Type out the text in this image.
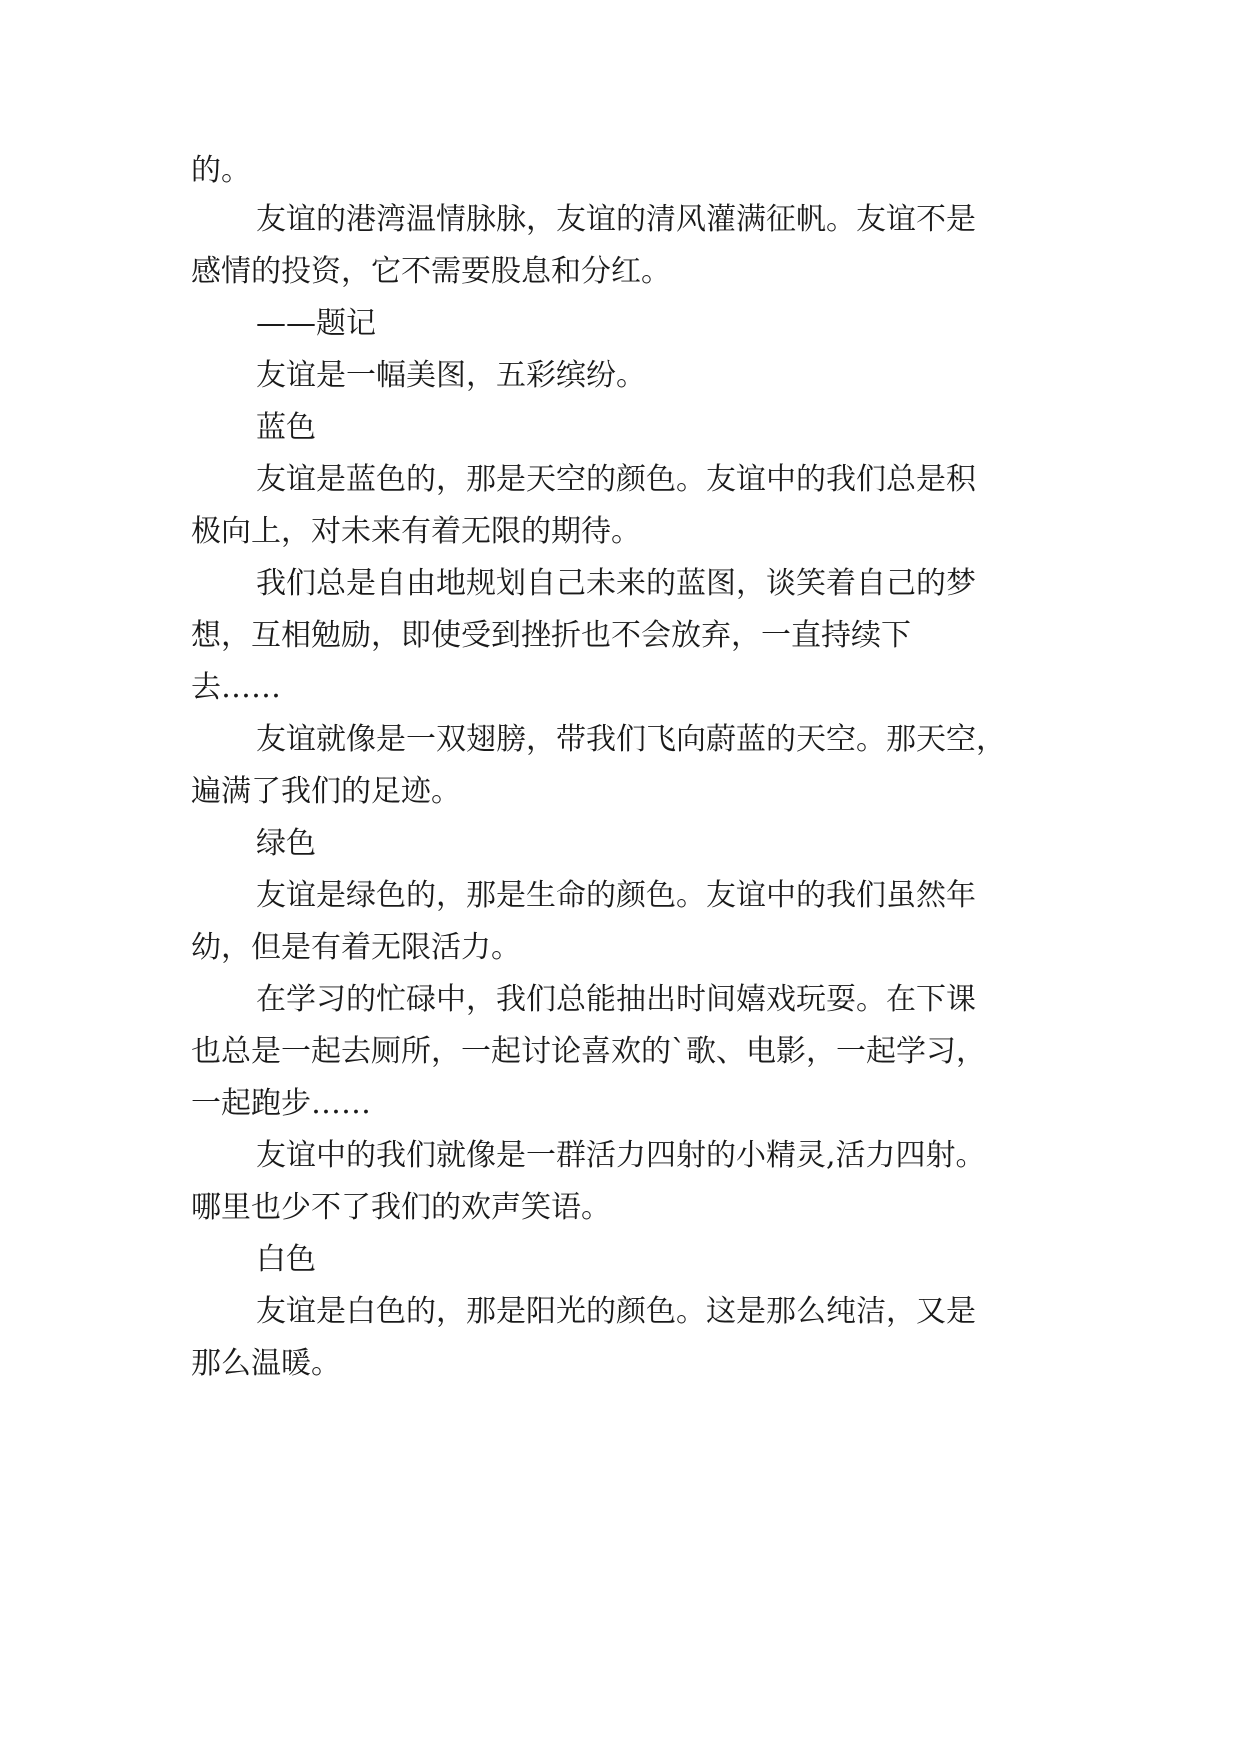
的。

友谊的港湾温情脉脉，友谊的清风灌满征帆。友谊不是

感情的投资，它不需要股息和分红。

——题记

友谊是一幅美图，五彩缤纷。

蓝色

友谊是蓝色的，那是天空的颜色。友谊中的我们总是积

极向上，对未来有着无限的期待。

我们总是自由地规划自己未来的蓝图，谈笑着自己的梦

想，互相勉励，即使受到挫折也不会放弃，一直持续下

去……

友谊就像是一双翅膀，带我们飞向蔚蓝的天空。那天空，

遍满了我们的足迹。

绿色

友谊是绿色的，那是生命的颜色。友谊中的我们虽然年

幼，但是有着无限活力。

在学习的忙碌中，我们总能抽出时间嬉戏玩耍。在下课

也总是一起去厕所，一起讨论喜欢的`歌、电影，一起学习，

一起跑步……

友谊中的我们就像是一群活力四射的小精灵,活力四射。

哪里也少不了我们的欢声笑语。

白色

友谊是白色的，那是阳光的颜色。这是那么纯洁，又是

那么温暖。
